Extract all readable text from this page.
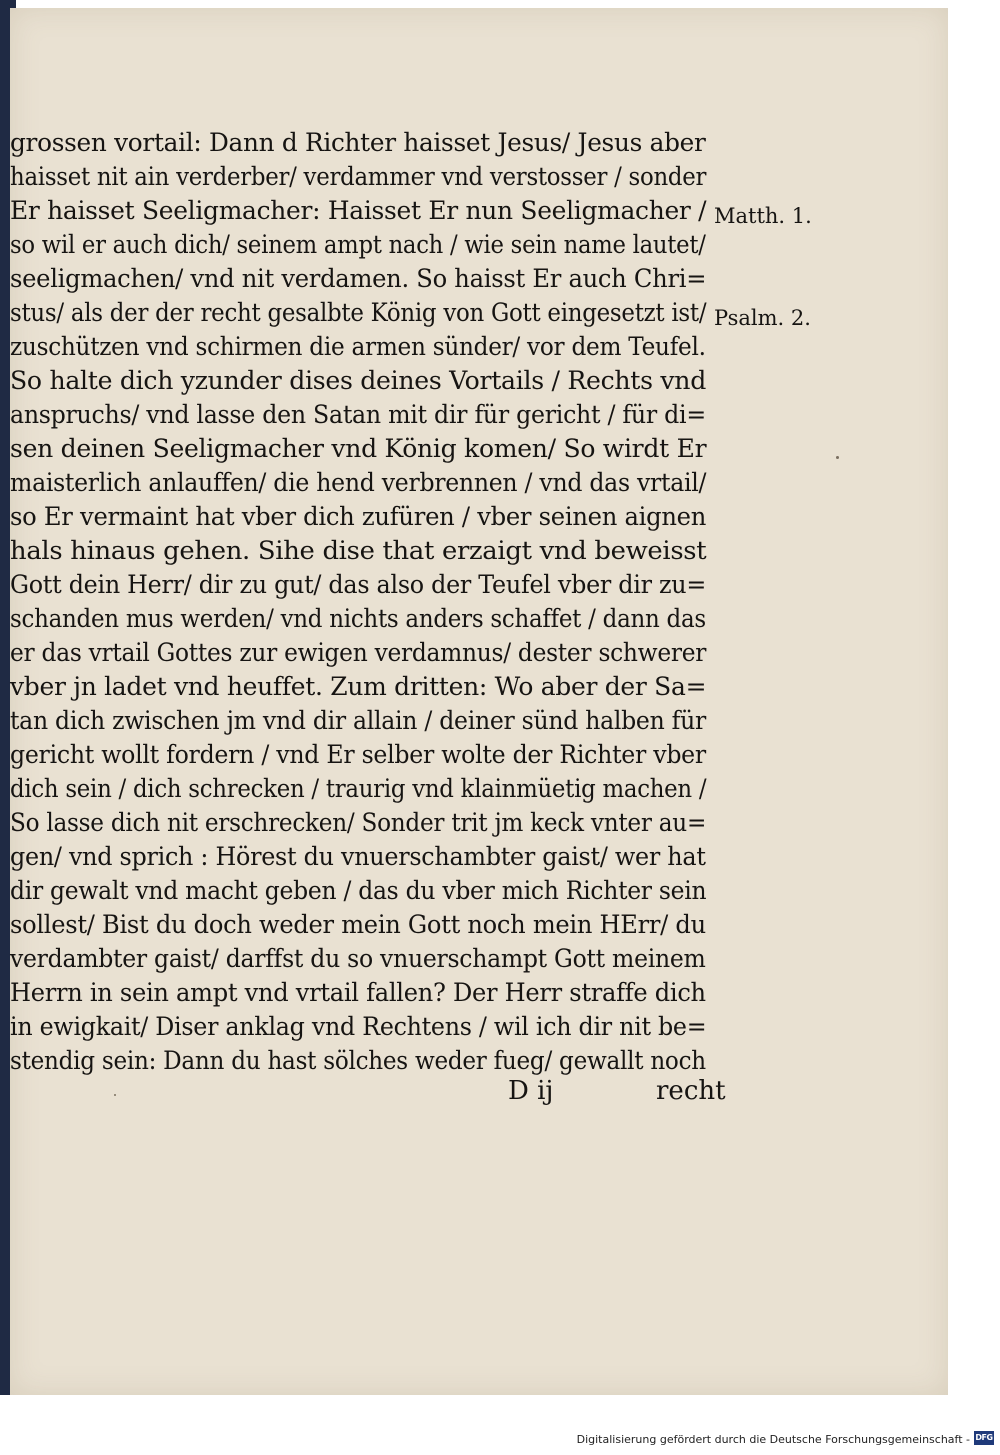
grossen vortail: Dann d Richter haisset Jesus/ Jesus aber
haisset nit ain verderber/ verdammer vnd verstosser / sonder
Er haisset Seeligmacher: Haisset Er nun Seeligmacher /
so wil er auch dich/ seinem ampt nach / wie sein name lautet/
seeligmachen/ vnd nit verdamen. So haisst Er auch Chri=
stus/ als der der recht gesalbte König von Gott eingesetzt ist/
zuschützen vnd schirmen die armen sünder/ vor dem Teufel.
So halte dich yzunder dises deines Vortails / Rechts vnd
anspruchs/ vnd lasse den Satan mit dir für gericht / für di=
sen deinen Seeligmacher vnd König komen/ So wirdt Er
maisterlich anlauffen/ die hend verbrennen / vnd das vrtail/
so Er vermaint hat vber dich zufüren / vber seinen aignen
hals hinaus gehen. Sihe dise that erzaigt vnd beweisst
Gott dein Herr/ dir zu gut/ das also der Teufel vber dir zu=
schanden mus werden/ vnd nichts anders schaffet / dann das
er das vrtail Gottes zur ewigen verdamnus/ dester schwerer
vber jn ladet vnd heuffet. Zum dritten: Wo aber der Sa=
tan dich zwischen jm vnd dir allain / deiner sünd halben für
gericht wollt fordern / vnd Er selber wolte der Richter vber
dich sein / dich schrecken / traurig vnd klainmüetig machen /
So lasse dich nit erschrecken/ Sonder trit jm keck vnter au=
gen/ vnd sprich : Hörest du vnuerschambter gaist/ wer hat
dir gewalt vnd macht geben / das du vber mich Richter sein
sollest/ Bist du doch weder mein Gott noch mein HErr/ du
verdambter gaist/ darffst du so vnuerschampt Gott meinem
Herrn in sein ampt vnd vrtail fallen? Der Herr straffe dich
in ewigkait/ Diser anklag vnd Rechtens / wil ich dir nit be=
stendig sein: Dann du hast sölches weder fueg/ gewallt noch
Matth. 1.
Psalm. 2.
D ij	recht
Digitalisierung gefördert durch die Deutsche Forschungsgemeinschaft - DFG
